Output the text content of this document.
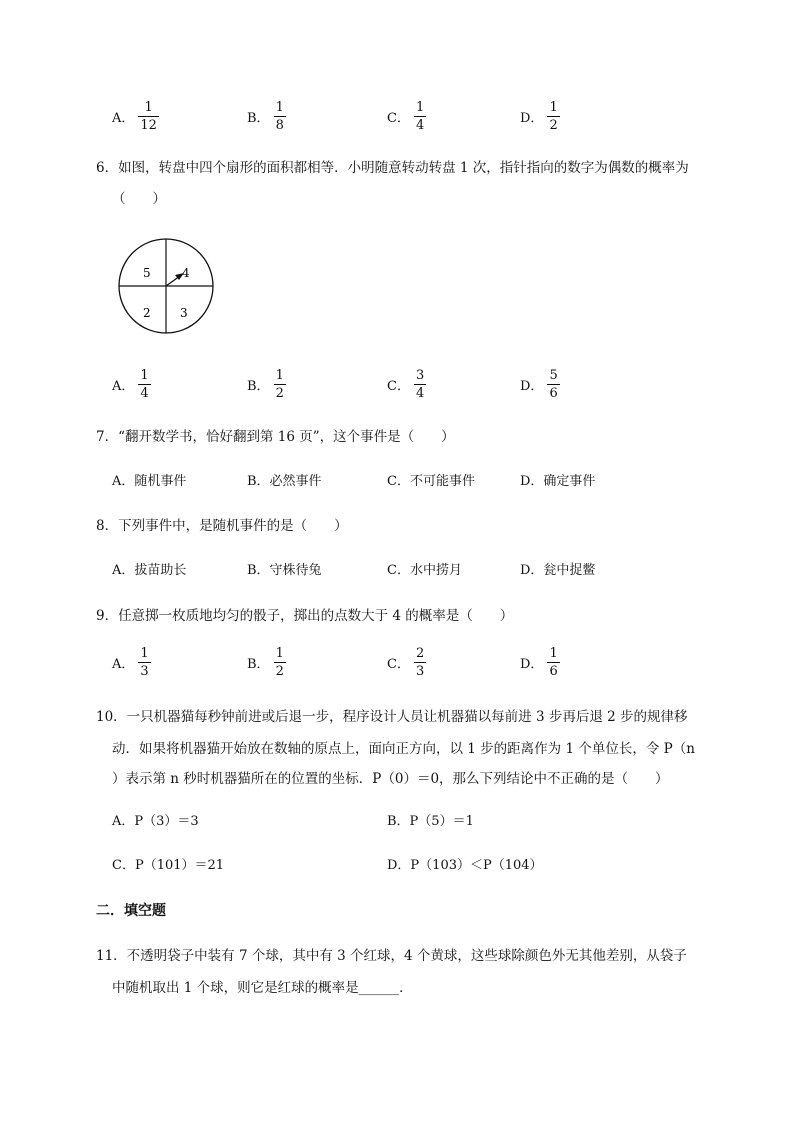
A． $\frac{1}{12}$	B． $\frac{1}{8}$	C． $\frac{1}{4}$	D． $\frac{1}{2}$
6．如图，转盘中四个扇形的面积都相等．小明随意转动转盘 1 次，指针指向的数字为偶数的概率为
（　　）
5	4
2 3
A． $\frac{1}{4}$	B． $\frac{1}{2}$	C． $\frac{3}{4}$	D． $\frac{5}{6}$
7．“翻开数学书，恰好翻到第 16 页”，这个事件是（　　）
A．随机事件	B．必然事件	C．不可能事件	D．确定事件
8．下列事件中，是随机事件的是（　　）
A．拔苗助长	B．守株待兔	C．水中捞月	D．瓮中捉鳖
9．任意掷一枚质地均匀的骰子，掷出的点数大于 4 的概率是（　　）
A． $\frac{1}{3}$	B． $\frac{1}{2}$	C． $\frac{2}{3}$	D． $\frac{1}{6}$
10．一只机器猫每秒钟前进或后退一步，程序设计人员让机器猫以每前进 3 步再后退 2 步的规律移
动．如果将机器猫开始放在数轴的原点上，面向正方向，以 1 步的距离作为 1 个单位长，令 P（n
）表示第 n 秒时机器猫所在的位置的坐标．P（0）＝0，那么下列结论中不正确的是（　　）
A．P（3）＝3	B．P（5）＝1
C．P（101）＝21	D．P（103）＜P（104）
二．填空题
11．不透明袋子中装有 7 个球，其中有 3 个红球，4 个黄球，这些球除颜色外无其他差别，从袋子
中随机取出 1 个球，则它是红球的概率是______．
